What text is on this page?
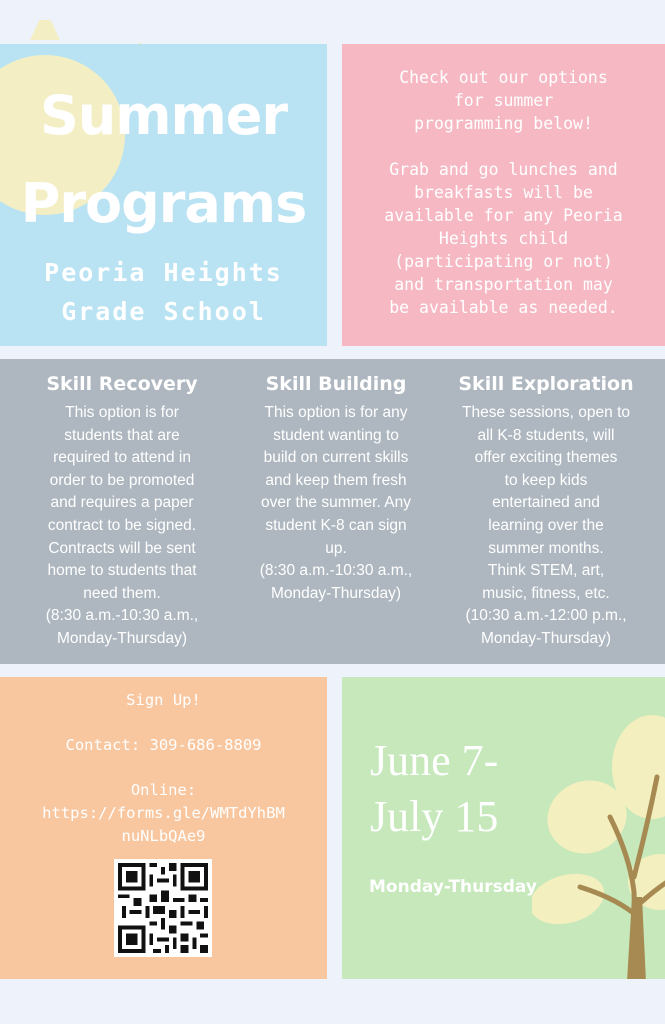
Summer
Programs
Peoria Heights
Grade School

Check out our options

for summer

programming below!

Grab and go lunches and

breakfasts will be

available for any Peoria

Heights child

(participating or not)

and transportation may

be available as needed.

Skill Recovery

This option is for

students that are

required to attend in

order to be promoted

and requires a paper

contract to be signed.

Contracts will be sent

home to students that

need them.

(8:30 a.m.-10:30 a.m.,

Monday-Thursday)

Skill Building

This option is for any

student wanting to

build on current skills

and keep them fresh

over the summer. Any

student K-8 can sign

up.

(8:30 a.m.-10:30 a.m.,

Monday-Thursday)

Skill Exploration

These sessions, open to

all K-8 students, will

offer exciting themes

to keep kids

entertained and

learning over the

summer months.

Think STEM, art,

music, fitness, etc.

(10:30 a.m.-12:00 p.m.,

Monday-Thursday)

Sign Up!

Contact: 309-686-8809

Online:

https://forms.gle/WMTdYhBM

nuNLbQAe9

June 7-
July 15
Monday-Thursday
